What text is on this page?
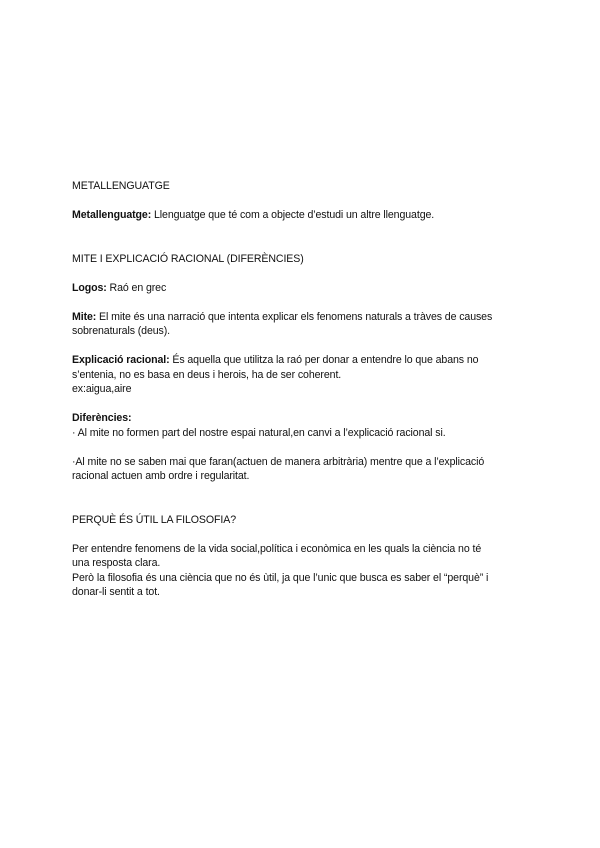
METALLENGUATGE

Metallenguatge: Llenguatge que té com a objecte d’estudi un altre llenguatge.

MITE I EXPLICACIÓ RACIONAL (DIFERÈNCIES)

Logos: Raó en grec

Mite: El mite és una narració que intenta explicar els fenomens naturals a tràves de causes

sobrenaturals (deus).

Explicació racional: És aquella que utilitza la raó per donar a entendre lo que abans no

s’entenia, no es basa en deus i herois, ha de ser coherent.

ex:aigua,aire

Diferències:

· Al mite no formen part del nostre espai natural,en canvi a l’explicació racional si.

·Al mite no se saben mai que faran(actuen de manera arbitrària) mentre que a l’explicació

racional actuen amb ordre i regularitat.

PERQUÈ ÉS ÚTIL LA FILOSOFIA?

Per entendre fenomens de la vida social,política i econòmica en les quals la ciència no té

una resposta clara.

Però la filosofia és una ciència que no és ùtil, ja que l’unic que busca es saber el “perquè” i

donar-li sentit a tot.
